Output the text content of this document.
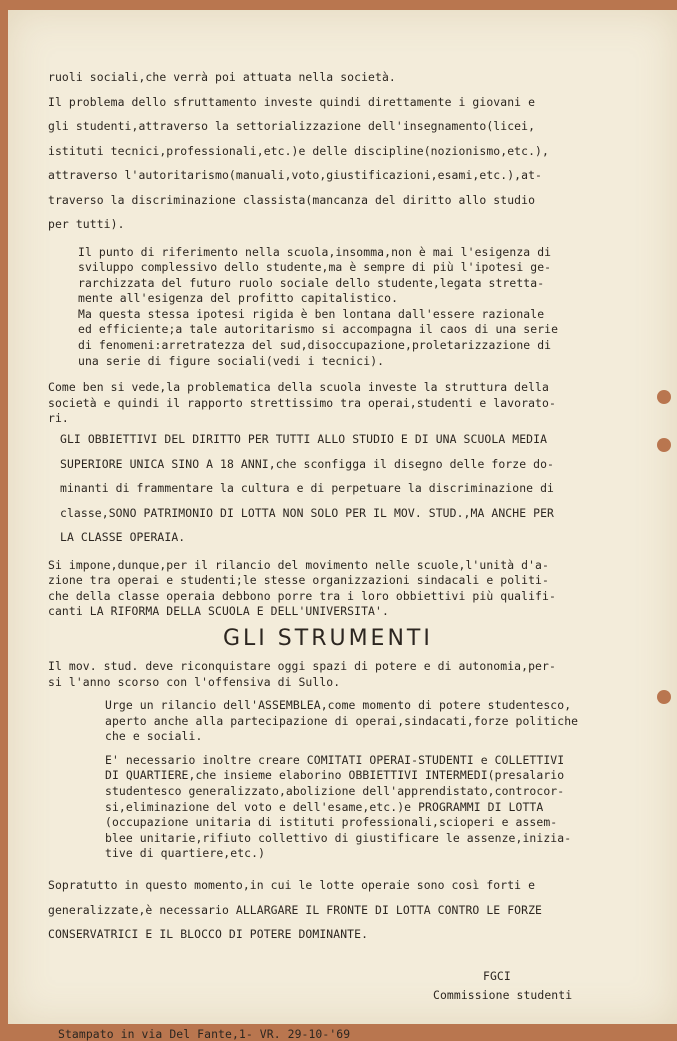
ruoli sociali,che verrà poi attuata nella società.
Il problema dello sfruttamento investe quindi direttamente i giovani e
gli studenti,attraverso la settorializzazione dell'insegnamento(licei,
istituti tecnici,professionali,etc.)e delle discipline(nozionismo,etc.),
attraverso l'autoritarismo(manuali,voto,giustificazioni,esami,etc.),at-
traverso la discriminazione classista(mancanza del diritto allo studio
per tutti).
Il punto di riferimento nella scuola,insomma,non è mai l'esigenza di
sviluppo complessivo dello studente,ma è sempre di più l'ipotesi ge-
rarchizzata del futuro ruolo sociale dello studente,legata stretta-
mente all'esigenza del profitto capitalistico.
Ma questa stessa ipotesi rigida è ben lontana dall'essere razionale
ed efficiente;a tale autoritarismo si accompagna il caos di una serie
di fenomeni:arretratezza del sud,disoccupazione,proletarizzazione di
una serie di figure sociali(vedi i tecnici).
Come ben si vede,la problematica della scuola investe la struttura della
società e quindi il rapporto strettissimo tra operai,studenti e lavorato-
ri.
GLI OBBIETTIVI DEL DIRITTO PER TUTTI ALLO STUDIO E DI UNA SCUOLA MEDIA
SUPERIORE UNICA SINO A 18 ANNI,che sconfigga il disegno delle forze do-
minanti di frammentare la cultura e di perpetuare la discriminazione di
classe,SONO PATRIMONIO DI LOTTA NON SOLO PER IL MOV. STUD.,MA ANCHE PER
LA CLASSE OPERAIA.
Si impone,dunque,per il rilancio del movimento nelle scuole,l'unità d'a-
zione tra operai e studenti;le stesse organizzazioni sindacali e politi-
che della classe operaia debbono porre tra i loro obbiettivi più qualifi-
canti LA RIFORMA DELLA SCUOLA E DELL'UNIVERSITA'.
GLI STRUMENTI
Il mov. stud. deve riconquistare oggi spazi di potere e di autonomia,per-
si l'anno scorso con l'offensiva di Sullo.
Urge un rilancio dell'ASSEMBLEA,come momento di potere studentesco,
aperto anche alla partecipazione di operai,sindacati,forze politiche
che e sociali.
E' necessario inoltre creare COMITATI OPERAI-STUDENTI e COLLETTIVI
DI QUARTIERE,che insieme elaborino OBBIETTIVI INTERMEDI(presalario
studentesco generalizzato,abolizione dell'apprendistato,controcor-
si,eliminazione del voto e dell'esame,etc.)e PROGRAMMI DI LOTTA
(occupazione unitaria di istituti professionali,scioperi e assem-
blee unitarie,rifiuto collettivo di giustificare le assenze,inizia-
tive di quartiere,etc.)
Sopratutto in questo momento,in cui le lotte operaie sono così forti e
generalizzate,è necessario ALLARGARE IL FRONTE DI LOTTA CONTRO LE FORZE
CONSERVATRICI E IL BLOCCO DI POTERE DOMINANTE.
FGCI
Commissione studenti
Stampato in via Del Fante,1- VR. 29-10-'69
